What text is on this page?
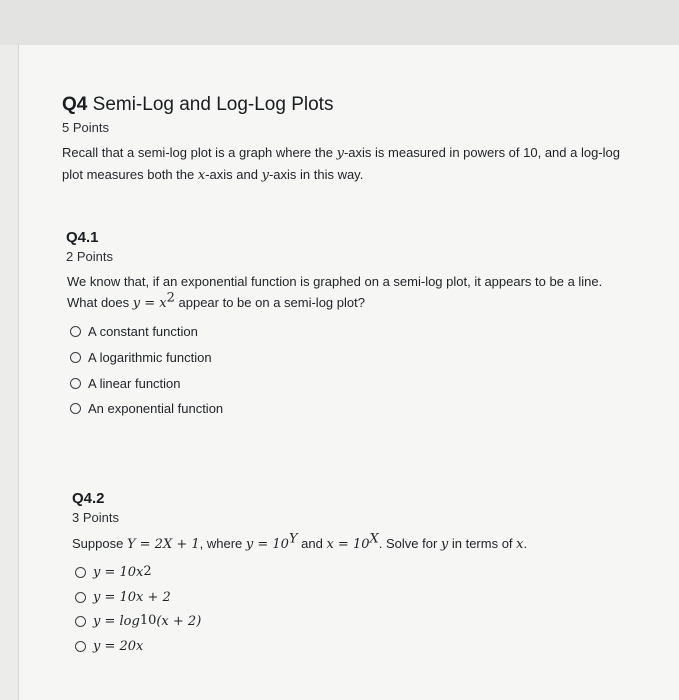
Q4 Semi-Log and Log-Log Plots
5 Points
Recall that a semi-log plot is a graph where the y-axis is measured in powers of 10, and a log-log
plot measures both the x-axis and y-axis in this way.
Q4.1
2 Points
We know that, if an exponential function is graphed on a semi-log plot, it appears to be a line.
What does $y = x^2$ appear to be on a semi-log plot?
A constant function
A logarithmic function
A linear function
An exponential function
Q4.2
3 Points
Suppose Y = 2X + 1, where $y = 10^Y$ and $x = 10^X$. Solve for y in terms of x.
y = 10x 2
y = 10x + 2
y = log 10 (x + 2)
y = 20x
